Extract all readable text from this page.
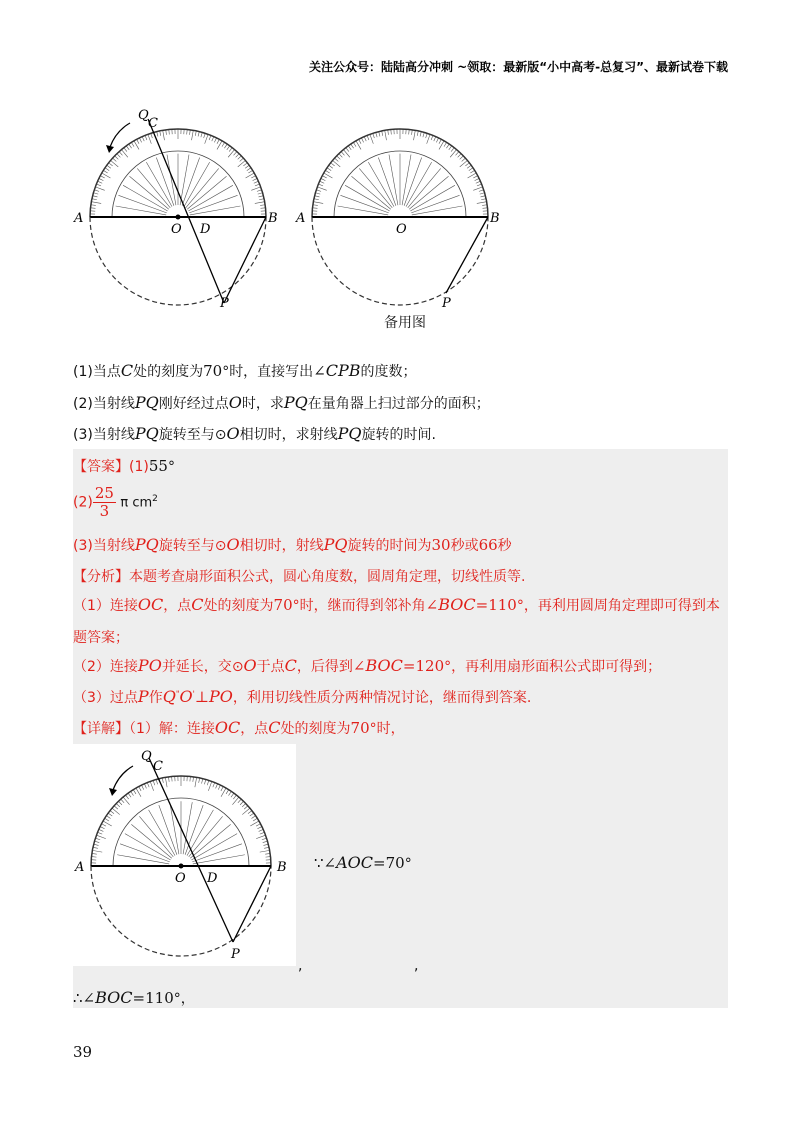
关注公众号：陆陆高分冲刺 ~领取：最新版“小中高考-总复习”、最新试卷下载
Q
C
A	B
O D
P
A	B
O
P
备用图
(1)当点C处的刻度为70°时，直接写出∠CPB的度数；
(2)当射线PQ刚好经过点O时，求PQ在量角器上扫过部分的面积；
(3)当射线PQ旋转至与⊙O相切时，求射线PQ旋转的时间.
【答案】(1)55°
$(2) \frac{25}{3}$ π $cm^2$
(3)当射线PQ旋转至与⊙O相切时，射线PQ旋转的时间为30秒或66秒
【分析】本题考查扇形面积公式，圆心角度数，圆周角定理，切线性质等.
（1）连接OC，点C处的刻度为70°时，继而得到邻补角∠BOC=110°，再利用圆周角定理即可得到本
题答案；
（2）连接PO并延长，交⊙O于点C，后得到∠BOC=120°，再利用扇形面积公式即可得到；
（3）过点P作Q"O'⊥PO，利用切线性质分两种情况讨论，继而得到答案.
【详解】（1）解：连接OC，点C处的刻度为70°时，
Q
C
A	B
O D
P
∵∠AOC=70°
,	,
∴∠BOC=110°，
39
